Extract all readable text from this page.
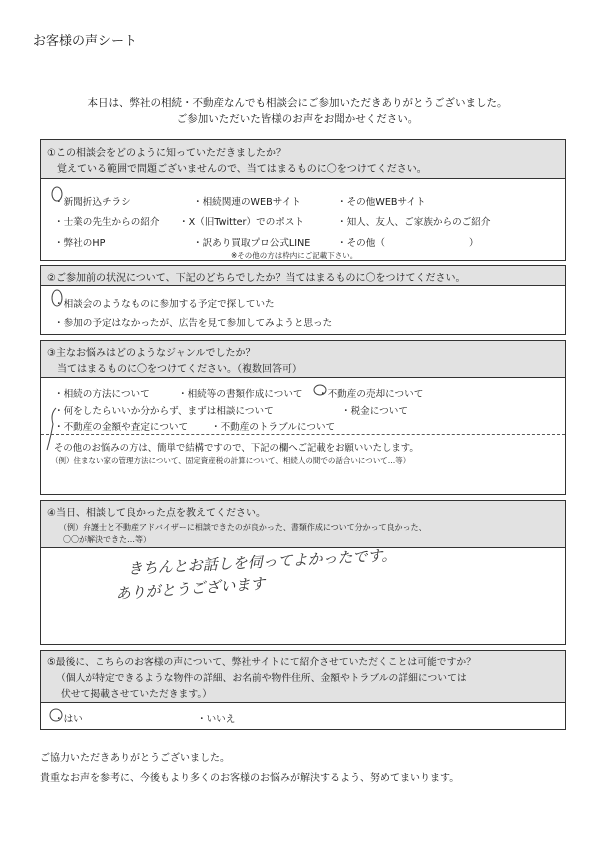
お客様の声シート
本日は、弊社の相続・不動産なんでも相談会にご参加いただきありがとうございました。
ご参加いただいた皆様のお声をお聞かせください。
①この相談会をどのように知っていただきましたか？
覚えている範囲で問題ございませんので、当てはまるものに〇をつけてください。
・新聞折込チラシ	・相続関連のWEBサイト	・その他WEBサイト
・士業の先生からの紹介 ・X（旧Twitter）でのポスト	・知人、友人、ご家族からのご紹介
・弊社のHP	・訳あり買取プロ公式LINE	・その他（	）
※その他の方は枠内にご記載下さい。
②ご参加前の状況について、下記のどちらでしたか？当てはまるものに〇をつけてください。
・相談会のようなものに参加する予定で探していた
・参加の予定はなかったが、広告を見て参加してみようと思った
③主なお悩みはどのようなジャンルでしたか？
当てはまるものに〇をつけてください。（複数回答可）
・相続の方法について	・相続等の書類作成について ・不動産の売却について
・何をしたらいいか分からず、まずは相談について	・税金について
・不動産の金額や査定について ・不動産のトラブルについて
その他のお悩みの方は、簡単で結構ですので、下記の欄へご記載をお願いいたします。
（例）住まない家の管理方法について、固定資産税の計算について、相続人の間での話合いについて…等）
④当日、相談して良かった点を教えてください。
（例）弁護士と不動産アドバイザーに相談できたのが良かった、書類作成について分かって良かった、
〇〇が解決できた…等）
きちんとお話しを伺ってよかったです。
ありがとうございます
⑤最後に、こちらのお客様の声について、弊社サイトにて紹介させていただくことは可能ですか？
（個人が特定できるような物件の詳細、お名前や物件住所、金額やトラブルの詳細については
伏せて掲載させていただきます。）
・はい	・いいえ
ご協力いただきありがとうございました。
貴重なお声を参考に、今後もより多くのお客様のお悩みが解決するよう、努めてまいります。
